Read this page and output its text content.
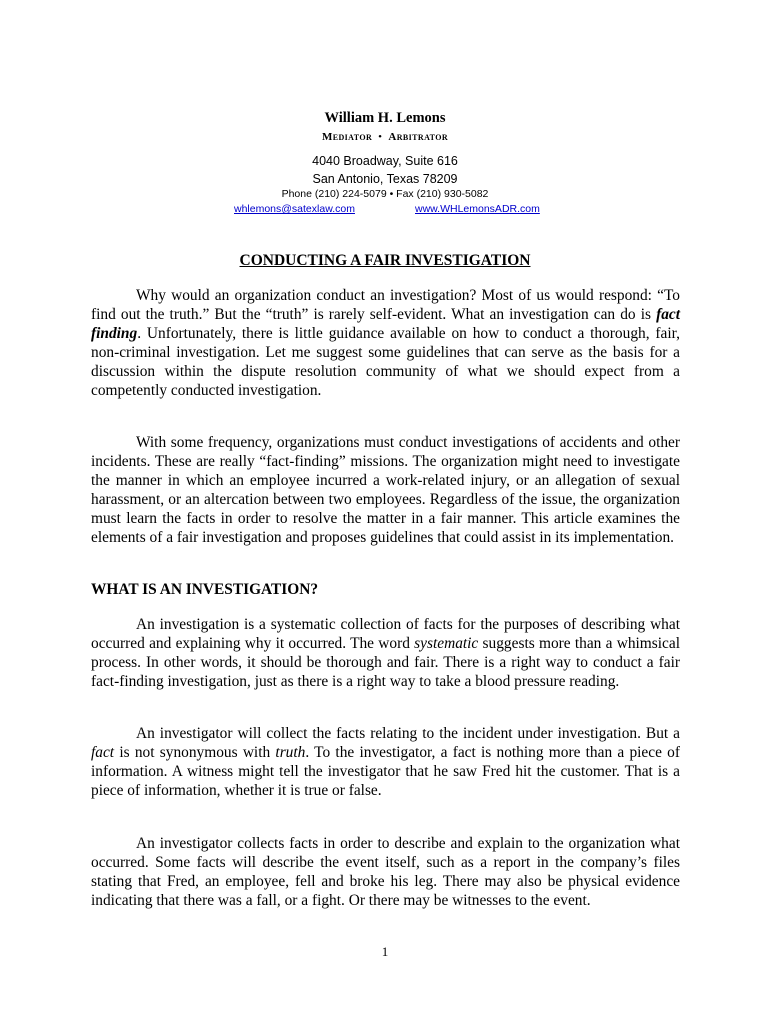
William H. Lemons
Mediator • Arbitrator
4040 Broadway, Suite 616
San Antonio, Texas 78209
Phone (210) 224-5079 • Fax (210) 930-5082
whlemons@satexlaw.com	www.WHLemonsADR.com
CONDUCTING A FAIR INVESTIGATION

Why would an organization conduct an investigation? Most of us would respond: “To find out the truth.” But the “truth” is rarely self-evident. What an investigation can do is fact finding. Unfortunately, there is little guidance available on how to conduct a thorough, fair, non-criminal investigation. Let me suggest some guidelines that can serve as the basis for a discussion within the dispute resolution community of what we should expect from a competently conducted investigation.

With some frequency, organizations must conduct investigations of accidents and other incidents. These are really “fact-finding” missions. The organization might need to investigate the manner in which an employee incurred a work-related injury, or an allegation of sexual harassment, or an altercation between two employees. Regardless of the issue, the organization must learn the facts in order to resolve the matter in a fair manner. This article examines the elements of a fair investigation and proposes guidelines that could assist in its implementation.

WHAT IS AN INVESTIGATION?

An investigation is a systematic collection of facts for the purposes of describing what occurred and explaining why it occurred. The word systematic suggests more than a whimsical process. In other words, it should be thorough and fair. There is a right way to conduct a fair fact-finding investigation, just as there is a right way to take a blood pressure reading.

An investigator will collect the facts relating to the incident under investigation. But a fact is not synonymous with truth. To the investigator, a fact is nothing more than a piece of information. A witness might tell the investigator that he saw Fred hit the customer. That is a piece of information, whether it is true or false.

An investigator collects facts in order to describe and explain to the organization what occurred. Some facts will describe the event itself, such as a report in the company’s files stating that Fred, an employee, fell and broke his leg. There may also be physical evidence indicating that there was a fall, or a fight. Or there may be witnesses to the event.

1
